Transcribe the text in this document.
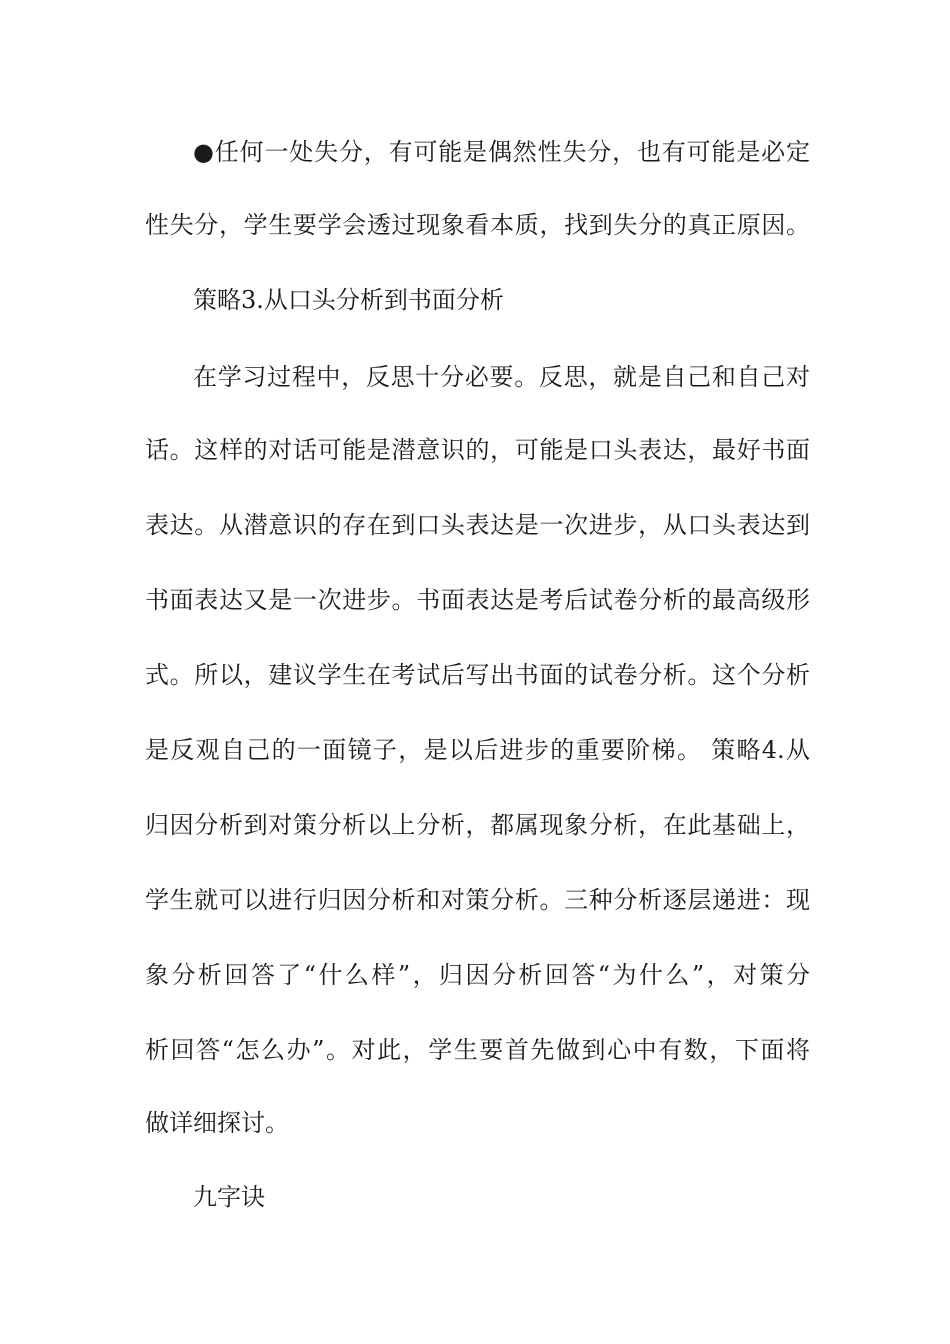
●任何一处失分，有可能是偶然性失分，也有可能是必定
性失分，学生要学会透过现象看本质，找到失分的真正原因。
策略3.从口头分析到书面分析
在学习过程中，反思十分必要。反思，就是自己和自己对
话。这样的对话可能是潜意识的，可能是口头表达，最好书面
表达。从潜意识的存在到口头表达是一次进步，从口头表达到
书面表达又是一次进步。书面表达是考后试卷分析的最高级形
式。所以，建议学生在考试后写出书面的试卷分析。这个分析
是反观自己的一面镜子，是以后进步的重要阶梯。 策略4.从
归因分析到对策分析以上分析，都属现象分析，在此基础上，
学生就可以进行归因分析和对策分析。三种分析逐层递进：现
象分析回答了“什么样”，归因分析回答“为什么”，对策分
析回答“怎么办”。对此，学生要首先做到心中有数，下面将
做详细探讨。
九字诀
